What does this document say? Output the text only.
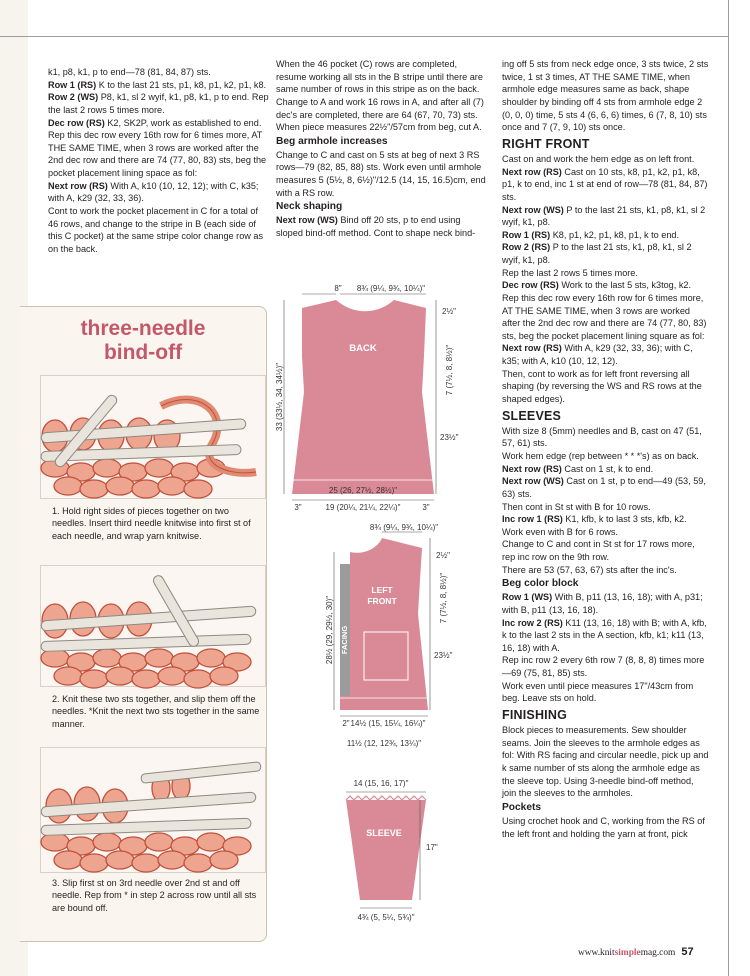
k1, p8, k1, p to end—78 (81, 84, 87) sts.

Row 1 (RS) K to the last 21 sts, p1, k8, p1, k2, p1, k8.

Row 2 (WS) P8, k1, sl 2 wyif, k1, p8, k1, p to end. Rep the last 2 rows 5 times more.

Dec row (RS) K2, SK2P, work as established to end. Rep this dec row every 16th row for 6 times more, AT THE SAME TIME, when 3 rows are worked after the 2nd dec row and there are 74 (77, 80, 83) sts, beg the pocket placement lining space as fol:

Next row (RS) With A, k10 (10, 12, 12); with C, k35; with A, k29 (32, 33, 36).

Cont to work the pocket placement in C for a total of 46 rows, and change to the stripe in B (each side of this C pocket) at the same stripe color change row as on the back.

three-needle
bind-off
1. Hold right sides of pieces together on two needles. Insert third needle knitwise into first st of each needle, and wrap yarn knitwise.
2. Knit these two sts together, and slip them off the needles. *Knit the next two sts together in the same manner.
3. Slip first st on 3rd needle over 2nd st and off needle. Rep from * in step 2 across row until all sts are bound off.

When the 46 pocket (C) rows are completed, resume working all sts in the B stripe until there are same number of rows in this stripe as on the back. Change to A and work 16 rows in A, and after all (7) dec's are completed, there are 64 (67, 70, 73) sts. When piece measures 22½"/57cm from beg, cut A.

Beg armhole increases

Change to C and cast on 5 sts at beg of next 3 RS rows—79 (82, 85, 88) sts. Work even until armhole measures 5 (5½, 8, 6½)"/12.5 (14, 15, 16.5)cm, end with a RS row.

Neck shaping

Next row (WS) Bind off 20 sts, p to end using sloped bind-off method. Cont to shape neck bind-

BACK
8" 8¾ (9¼, 9¾, 10¼)"
2½"
7 (7½, 8, 8½)"
23½"
33 (33½, 34, 34½)"
25 (26, 27½, 28½)"
3"	19 (20¼, 21¼, 22¼)"	3"
FACING
LEFT
FRONT
8¾ (9¼, 9¾, 10¼)"
2½"
7 (7½, 8, 8½)"
23½"
28½ (29, 29½, 30)"
2" 14½ (15, 15¼, 16¼)"
11½ (12, 12¾, 13¼)"
14 (15, 16, 17)"
SLEEVE
17"
4¾ (5, 5¼, 5¾)"

ing off 5 sts from neck edge once, 3 sts twice, 2 sts twice, 1 st 3 times, AT THE SAME TIME, when armhole edge measures same as back, shape shoulder by binding off 4 sts from armhole edge 2 (0, 0, 0) time, 5 sts 4 (6, 6, 6) times, 6 (7, 8, 10) sts once and 7 (7, 9, 10) sts once.

RIGHT FRONT

Cast on and work the hem edge as on left front.

Next row (RS) Cast on 10 sts, k8, p1, k2, p1, k8, p1, k to end, inc 1 st at end of row—78 (81, 84, 87) sts.

Next row (WS) P to the last 21 sts, k1, p8, k1, sl 2 wyif, k1, p8.

Row 1 (RS) K8, p1, k2, p1, k8, p1, k to end.

Row 2 (RS) P to the last 21 sts, k1, p8, k1, sl 2 wyif, k1, p8.

Rep the last 2 rows 5 times more.

Dec row (RS) Work to the last 5 sts, k3tog, k2. Rep this dec row every 16th row for 6 times more, AT THE SAME TIME, when 3 rows are worked after the 2nd dec row and there are 74 (77, 80, 83) sts, beg the pocket placement lining square as fol:

Next row (RS) With A, k29 (32, 33, 36); with C, k35; with A, k10 (10, 12, 12).

Then, cont to work as for left front reversing all shaping (by reversing the WS and RS rows at the shaped edges).

SLEEVES

With size 8 (5mm) needles and B, cast on 47 (51, 57, 61) sts.

Work hem edge (rep between * * *'s) as on back.

Next row (RS) Cast on 1 st, k to end.

Next row (WS) Cast on 1 st, p to end—49 (53, 59, 63) sts.

Then cont in St st with B for 10 rows.

Inc row 1 (RS) K1, kfb, k to last 3 sts, kfb, k2.

Work even with B for 6 rows.

Change to C and cont in St st for 17 rows more, rep inc row on the 9th row.

There are 53 (57, 63, 67) sts after the inc's.

Beg color block

Row 1 (WS) With B, p11 (13, 16, 18); with A, p31; with B, p11 (13, 16, 18).

Inc row 2 (RS) K11 (13, 16, 18) with B; with A, kfb, k to the last 2 sts in the A section, kfb, k1; k11 (13, 16, 18) with A.

Rep inc row 2 every 6th row 7 (8, 8, 8) times more—69 (75, 81, 85) sts.

Work even until piece measures 17"/43cm from beg. Leave sts on hold.

FINISHING

Block pieces to measurements. Sew shoulder seams. Join the sleeves to the armhole edges as fol: With RS facing and circular needle, pick up and k same number of sts along the armhole edge as the sleeve top. Using 3-needle bind-off method, join the sleeves to the armholes.

Pockets

Using crochet hook and C, working from the RS of the left front and holding the yarn at front, pick

www.knitsimplemag.com 57
